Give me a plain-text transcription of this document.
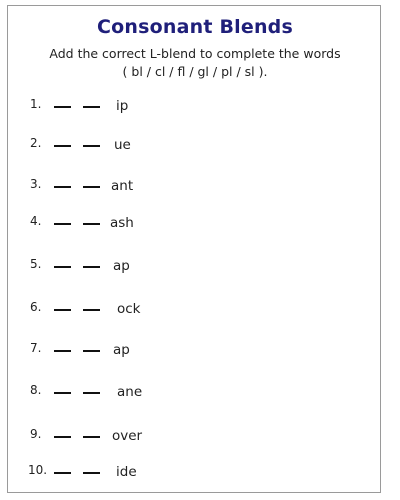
Consonant Blends
Add the correct L-blend to complete the words
( bl / cl / fl / gl / pl / sl ).
1.	ip
2.	ue
3.	ant
4.	ash
5.	ap
6.	ock
7.	ap
8.	ane
9.	over
10.	ide
